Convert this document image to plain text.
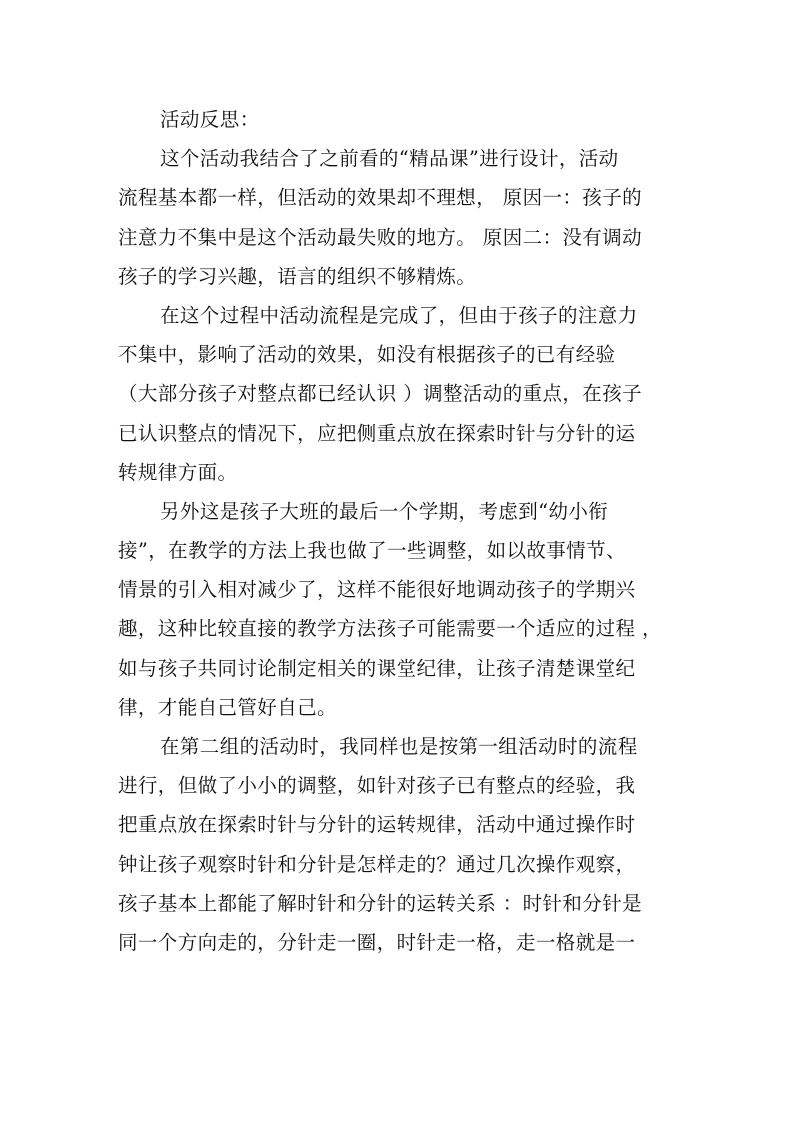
活动反思：
这个活动我结合了之前看的“精品课”进行设计，活动
流程基本都一样，但活动的效果却不理想， 原因一：孩子的
注意力不集中是这个活动最失败的地方。 原因二：没有调动
孩子的学习兴趣，语言的组织不够精炼。
在这个过程中活动流程是完成了，但由于孩子的注意力
不集中，影响了活动的效果，如没有根据孩子的已有经验
（大部分孩子对整点都已经认识 ）调整活动的重点，在孩子
已认识整点的情况下，应把侧重点放在探索时针与分针的运
转规律方面。
另外这是孩子大班的最后一个学期，考虑到“幼小衔
接”，在教学的方法上我也做了一些调整，如以故事情节、
情景的引入相对减少了，这样不能很好地调动孩子的学期兴
趣，这种比较直接的教学方法孩子可能需要一个适应的过程 ，
如与孩子共同讨论制定相关的课堂纪律，让孩子清楚课堂纪
律，才能自己管好自己。
在第二组的活动时，我同样也是按第一组活动时的流程
进行，但做了小小的调整，如针对孩子已有整点的经验，我
把重点放在探索时针与分针的运转规律，活动中通过操作时
钟让孩子观察时针和分针是怎样走的？通过几次操作观察，
孩子基本上都能了解时针和分针的运转关系 ：时针和分针是
同一个方向走的，分针走一圈，时针走一格，走一格就是一
